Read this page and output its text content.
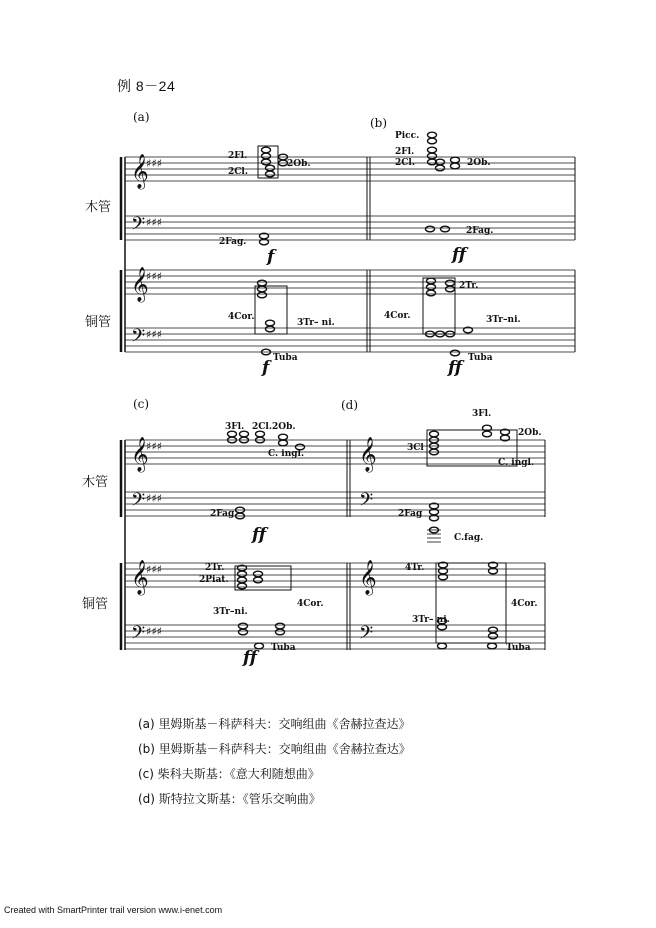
例 8－24
𝄞
♯♯♯
𝄢 ♯♯♯
𝄞
♯♯♯
𝄢 ♯♯♯
𝄞
♯♯♯	𝄞
𝄢 ♯♯♯	𝄢
𝄞
♯♯♯	𝄞
𝄢 ♯♯♯	𝄢
(a)	(b)
木管
铜管
2Fl.
2Cl.
2Ob.
2Fag.
f
4Cor.
3Tr– ni.
Tuba
f
Picc.
2Fl.
2Cl.	2Ob.
2Fag.
ff
2Tr.
4Cor.	3Tr–ni.
Tuba
ff
(c)	(d)
木管
铜管
3Fl. 2Cl. 2Ob.
C. ingl.
2Fag.
ff
2Tr.
2Piat.
3Tr–ni.
4Cor.
Tuba
ff
3Fl.
3Cl
2Ob.
C. ingl.
2Fag
C.fag.
4Tr.
3Tr– ni.
4Cor.
Tuba
(a) 里姆斯基－科萨科夫：交响组曲《舍赫拉查达》
(b) 里姆斯基－科萨科夫：交响组曲《舍赫拉查达》
(c) 柴科夫斯基：《意大利随想曲》
(d) 斯特拉文斯基：《管乐交响曲》
Created with SmartPrinter trail version www.i-enet.com
